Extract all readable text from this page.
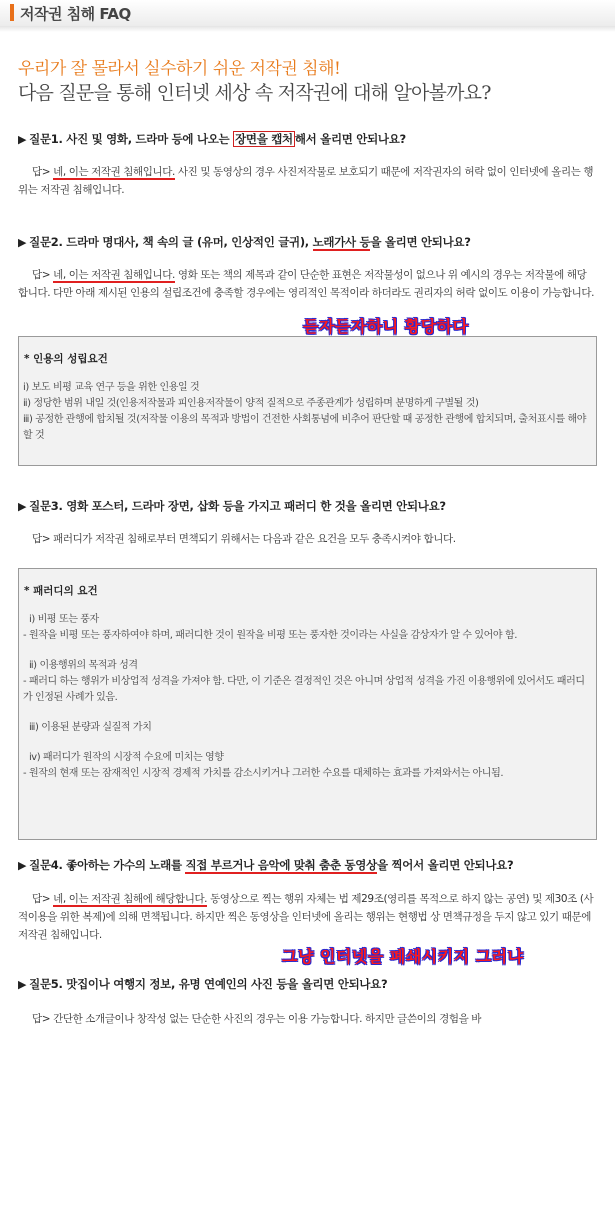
저작권 침해 FAQ
우리가 잘 몰라서 실수하기 쉬운 저작권 침해!
다음 질문을 통해 인터넷 세상 속 저작권에 대해 알아볼까요?
▶ 질문1. 사진 및 영화, 드라마 등에 나오는 장면을 캡처 해서 올리면 안되나요?
답> 네, 이는 저작권 침해입니다. 사진 및 동영상의 경우 사진저작물로 보호되기 때문에 저작권자의 허락 없이 인터넷에 올리는 행위는 저작권 침해입니다.
▶ 질문2. 드라마 명대사, 책 속의 글 (유머, 인상적인 글귀), 노래가사 등을 올리면 안되나요?
답> 네, 이는 저작권 침해입니다. 영화 또는 책의 제목과 같이 단순한 표현은 저작물성이 없으나 위 예시의 경우는 저작물에 해당합니다. 다만 아래 제시된 인용의 설립조건에 충족할 경우에는 영리적인 목적이라 하더라도 권리자의 허락 없이도 이용이 가능합니다.
듣자듣자하니 황당하다
* 인용의 성립요건
ⅰ) 보도 비평 교육 연구 등을 위한 인용일 것
ⅱ) 정당한 범위 내일 것(인용저작물과 피인용저작물이 양적 질적으로 주종관계가 성립하며 분명하게 구별될 것)
ⅲ) 공정한 관행에 합치될 것(저작물 이용의 목적과 방법이 건전한 사회통념에 비추어 판단할 때 공정한 관행에 합치되며, 출처표시를 해야 할 것
▶ 질문3. 영화 포스터, 드라마 장면, 삽화 등을 가지고 패러디 한 것을 올리면 안되나요?
답> 패러디가 저작권 침해로부터 면책되기 위해서는 다음과 같은 요건을 모두 충족시켜야 합니다.
* 패러디의 요건
ⅰ) 비평 또는 풍자
- 원작을 비평 또는 풍자하여야 하며, 패러디한 것이 원작을 비평 또는 풍자한 것이라는 사실을 감상자가 알 수 있어야 함.
ⅱ) 이용행위의 목적과 성격
- 패러디 하는 행위가 비상업적 성격을 가져야 함. 다만, 이 기준은 결정적인 것은 아니며 상업적 성격을 가진 이용행위에 있어서도 패러디가 인정된 사례가 있음.
ⅲ) 이용된 분량과 실질적 가치
ⅳ) 패러디가 원작의 시장적 수요에 미치는 영향
- 원작의 현재 또는 잠재적인 시장적 경제적 가치를 감소시키거나 그러한 수요를 대체하는 효과를 가져와서는 아니됨.
▶ 질문4. 좋아하는 가수의 노래를 직접 부르거나 음악에 맞춰 춤춘 동영상을 찍어서 올리면 안되나요?
답> 네, 이는 저작권 침해에 해당합니다. 동영상으로 찍는 행위 자체는 법 제29조(영리를 목적으로 하지 않는 공연) 및 제30조 (사적이용을 위한 복제)에 의해 면책됩니다. 하지만 찍은 동영상을 인터넷에 올리는 행위는 현행법 상 면책규정을 두지 않고 있기 때문에 저작권 침해입니다.
그냥 인터넷을 폐쇄시키지 그러냐
▶ 질문5. 맛집이나 여행지 정보, 유명 연예인의 사진 등을 올리면 안되나요?
답> 간단한 소개글이나 창작성 없는 단순한 사진의 경우는 이용 가능합니다. 하지만 글쓴이의 경험을 바
